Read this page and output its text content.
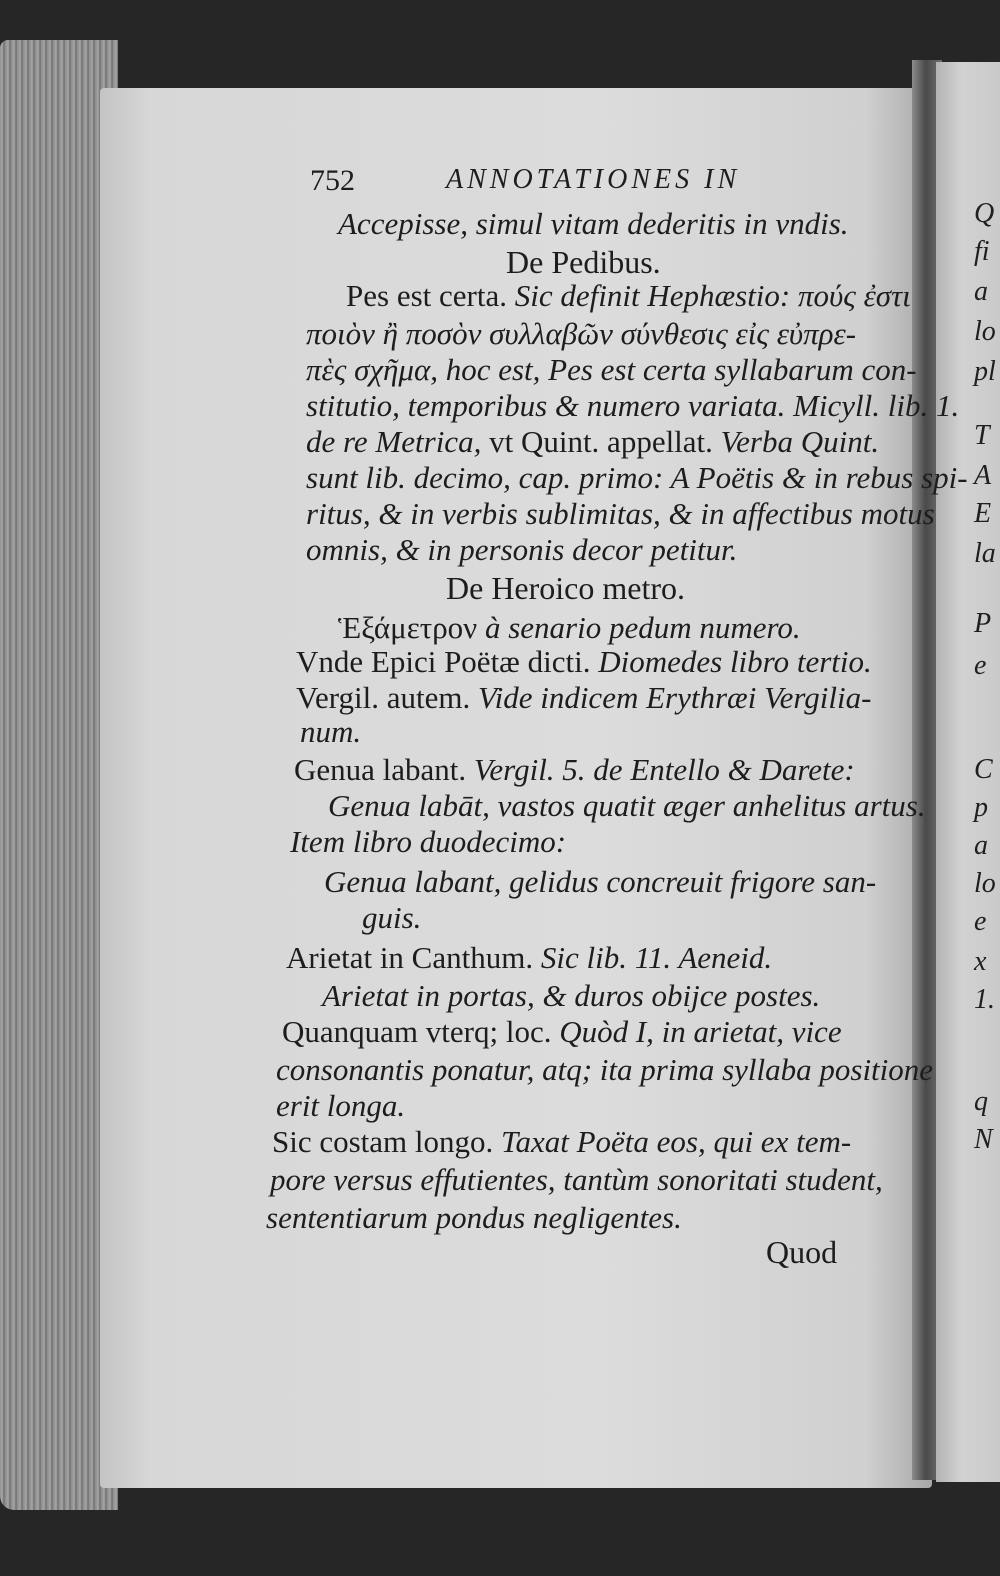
Q
fi
a
lo
pl
T
A
E
la
P
e
C
p
a
lo
e
x
1.
q
N
752	ANNOTATIONES IN
Accepisse, simul vitam dederitis in vndis.
De Pedibus.
Pes est certa. Sic definit Hephæstio: πούς ἐστι
ποιὸν ἢ ποσὸν συλλαβῶν σύνθεσις εἰς εὐπρε-
πὲς σχῆμα, hoc est, Pes est certa syllabarum con-
stitutio, temporibus & numero variata. Micyll. lib. 1.
de re Metrica, vt Quint. appellat. Verba Quint.
sunt lib. decimo, cap. primo: A Poëtis & in rebus spi-
ritus, & in verbis sublimitas, & in affectibus motus
omnis, & in personis decor petitur.
De Heroico metro.
Ἑξάμετρον à senario pedum numero.
Vnde Epici Poëtæ dicti. Diomedes libro tertio.
Vergil. autem. Vide indicem Erythræi Vergilia-
num.
Genua labant. Vergil. 5. de Entello & Darete:
Genua labāt, vastos quatit æger anhelitus artus.
Item libro duodecimo:
Genua labant, gelidus concreuit frigore san-
guis.
Arietat in Canthum. Sic lib. 11. Aeneid.
Arietat in portas, & duros obijce postes.
Quanquam vterq; loc. Quòd I, in arietat, vice
consonantis ponatur, atq; ita prima syllaba positione
erit longa.
Sic costam longo. Taxat Poëta eos, qui ex tem-
pore versus effutientes, tantùm sonoritati student,
sententiarum pondus negligentes.
Quod
